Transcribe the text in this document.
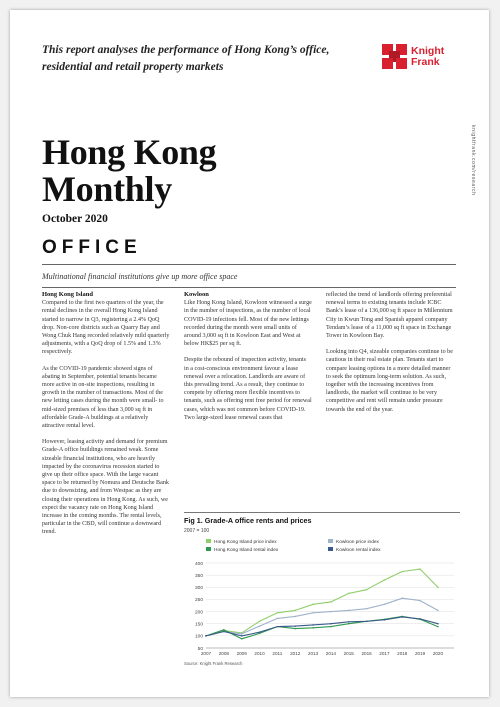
This report analyses the performance of Hong Kong’s office, residential and retail property markets
Knight
Frank
knightfrank.com/research
Hong Kong
Monthly
October 2020
OFFICE
Multinational financial institutions give up more office space
Hong Kong Island

Compared to the first two quarters of the year, the rental declines in the overall Hong Kong Island started to narrow in Q3, registering a 2.4% QoQ drop. Non-core districts such as Quarry Bay and Wong Chuk Hang recorded relatively mild quarterly adjustments, with a QoQ drop of 1.5% and 1.3% respectively.

As the COVID-19 pandemic showed signs of abating in September, potential tenants became more active in on-site inspections, resulting in growth in the number of transactions. Most of the new letting cases during the month were small- to mid-sized premises of less than 3,000 sq ft in affordable Grade-A buildings at a relatively attractive rental level.

However, leasing activity and demand for premium Grade-A office buildings remained weak. Some sizeable financial institutions, who are heavily impacted by the coronavirus recession started to give up their office space. With the large vacant space to be returned by Nomura and Deutsche Bank due to downsizing, and from Westpac as they are closing their operations in Hong Kong. As such, we expect the vacancy rate on Hong Kong Island increase in the coming months. The rental levels, particular in the CBD, will continue a downward trend.

Kowloon

Like Hong Kong Island, Kowloon witnessed a surge in the number of inspections, as the number of local COVID-19 infections fell. Most of the new lettings recorded during the month were small units of around 3,000 sq ft in Kowloon East and West at below HK$25 per sq ft.

Despite the rebound of inspection activity, tenants in a cost-conscious environment favour a lease renewal over a relocation. Landlords are aware of this prevailing trend. As a result, they continue to compete by offering more flexible incentives to tenants, such as offering rent free period for renewal cases, which was not common before COVID-19. Two large-sized lease renewal cases that

reflected the trend of landlords offering preferential renewal terms to existing tenants include ICBC Bank’s lease of a 136,000 sq ft space in Millennium City in Kwun Tong and Spanish apparel company Tendam’s lease of a 11,000 sq ft space in Exchange Tower in Kowloon Bay.

Looking into Q4, sizeable companies continue to be cautious in their real estate plan. Tenants start to compare leasing options in a more detailed manner to seek the optimum long-term solution. As such, together with the increasing incentives from landlords, the market will continue to be very competitive and rent will remain under pressure towards the end of the year.

Fig 1. Grade-A office rents and prices
2007 = 100
Hong Kong Island price index	Kowloon price index
Hong Kong Island rental index	Kowloon rental index
50
100
150
200
250
300
350
400
2007 2008 2009 2010 2011 2012 2013 2014 2015 2016 2017 2018 2019 2020
Source: Knight Frank Research
